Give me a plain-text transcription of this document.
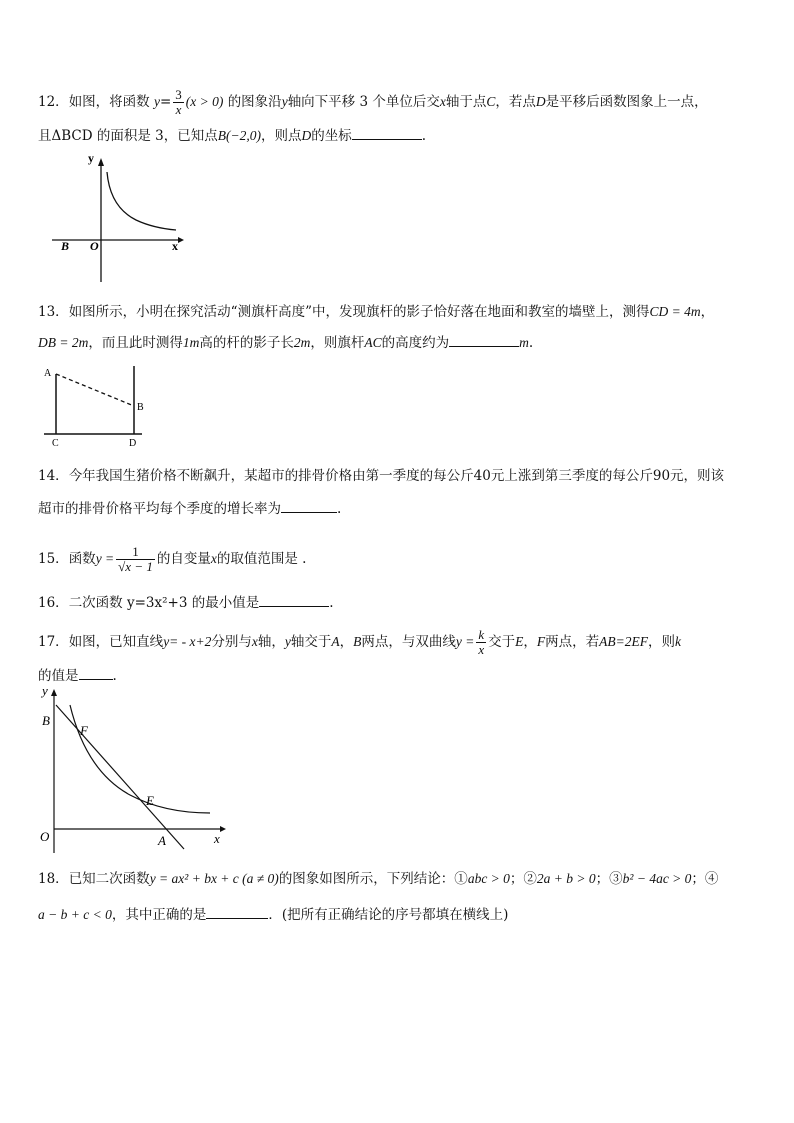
12．如图，将函数 $y= \frac{3}{x} (x > 0)$ 的图象沿y轴向下平移 3 个单位后交x轴于点C，若点D是平移后函数图象上一点，
且ΔBCD 的面积是 3，已知点B(−2,0)，则点D的坐标	.
y
x
O
B
13．如图所示，小明在探究活动“测旗杆高度”中，发现旗杆的影子恰好落在地面和教室的墙壁上，测得CD = 4m，
DB = 2m，而且此时测得1m高的杆的影子长2m，则旗杆AC的高度约为	m.
A
B
C	D
14．今年我国生猪价格不断飙升，某超市的排骨价格由第一季度的每公斤40元上涨到第三季度的每公斤90元，则该
超市的排骨价格平均每个季度的增长率为	.
15．函数$y = \frac{1}{√x - 1}$ 的自变量x的取值范围是 .
16．二次函数 y=3x²+3 的最小值是	.
17．如图，已知直线y= - x+2分别与x轴，y轴交于A，B两点，与双曲线$y = \frac{k}{x}$ 交于E，F两点，若AB=2EF，则k
的值是	.
y
x
O
B
F
E
A
18．已知二次函数y = ax² + bx + c (a ≠ 0)的图象如图所示，下列结论：①abc > 0；②2a + b > 0；③b² − 4ac > 0；④
a − b + c < 0，其中正确的是	．(把所有正确结论的序号都填在横线上)
